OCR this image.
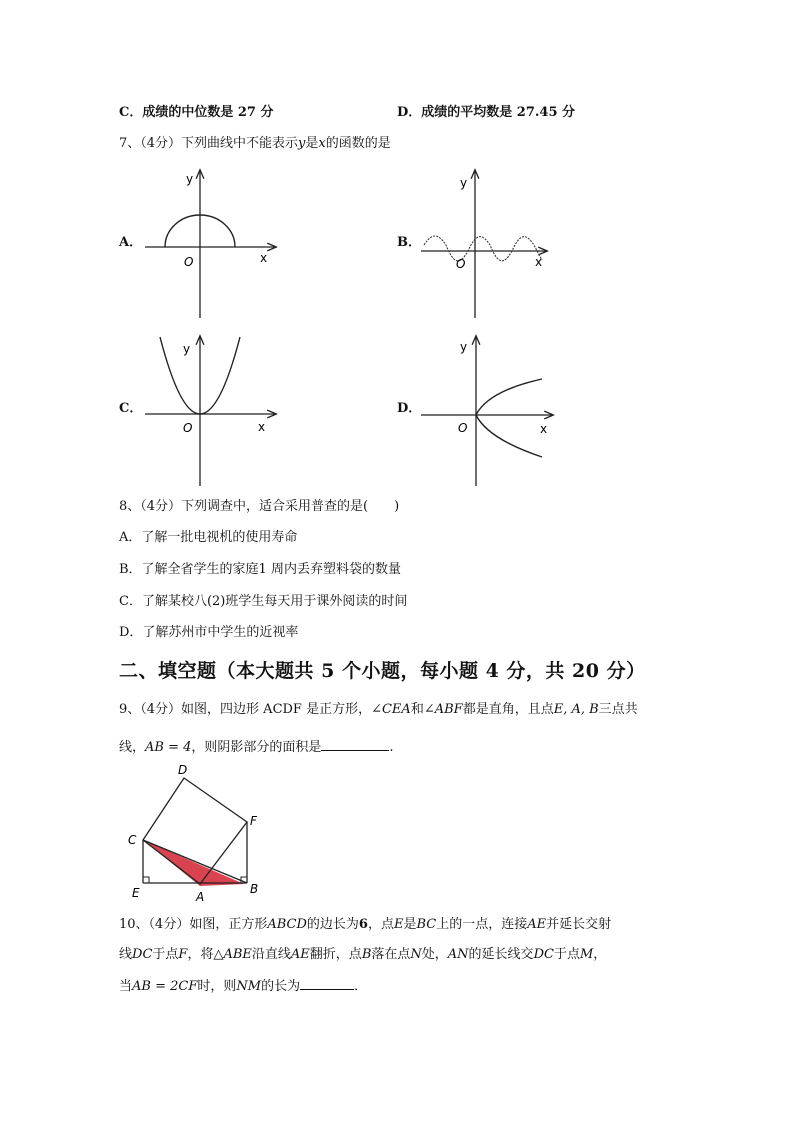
C．成绩的中位数是 27 分	D．成绩的平均数是 27.45 分
7、（4分）下列曲线中不能表示y是x的函数的是
A．
y
x
O
B．
y
x
O
C．
y
x
O
D．
y
x
O
8、（4分）下列调查中，适合采用普查的是(　　)
A．了解一批电视机的使用寿命
B．了解全省学生的家庭1 周内丢弃塑料袋的数量
C．了解某校八(2)班学生每天用于课外阅读的时间
D．了解苏州市中学生的近视率
二、填空题（本大题共 5 个小题，每小题 4 分，共 20 分）
9、（4分）如图，四边形 ACDF 是正方形，∠CEA和∠ABF都是直角，且点E, A, B三点共
线，AB = 4，则阴影部分的面积是	.
D
F
C
E	A
B
10、（4分）如图，正方形ABCD的边长为6，点E是BC上的一点，连接AE并延长交射
线DC于点F，将△ABE沿直线AE翻折，点B落在点N处，AN的延长线交DC于点M，
当AB = 2CF时，则NM的长为	．
